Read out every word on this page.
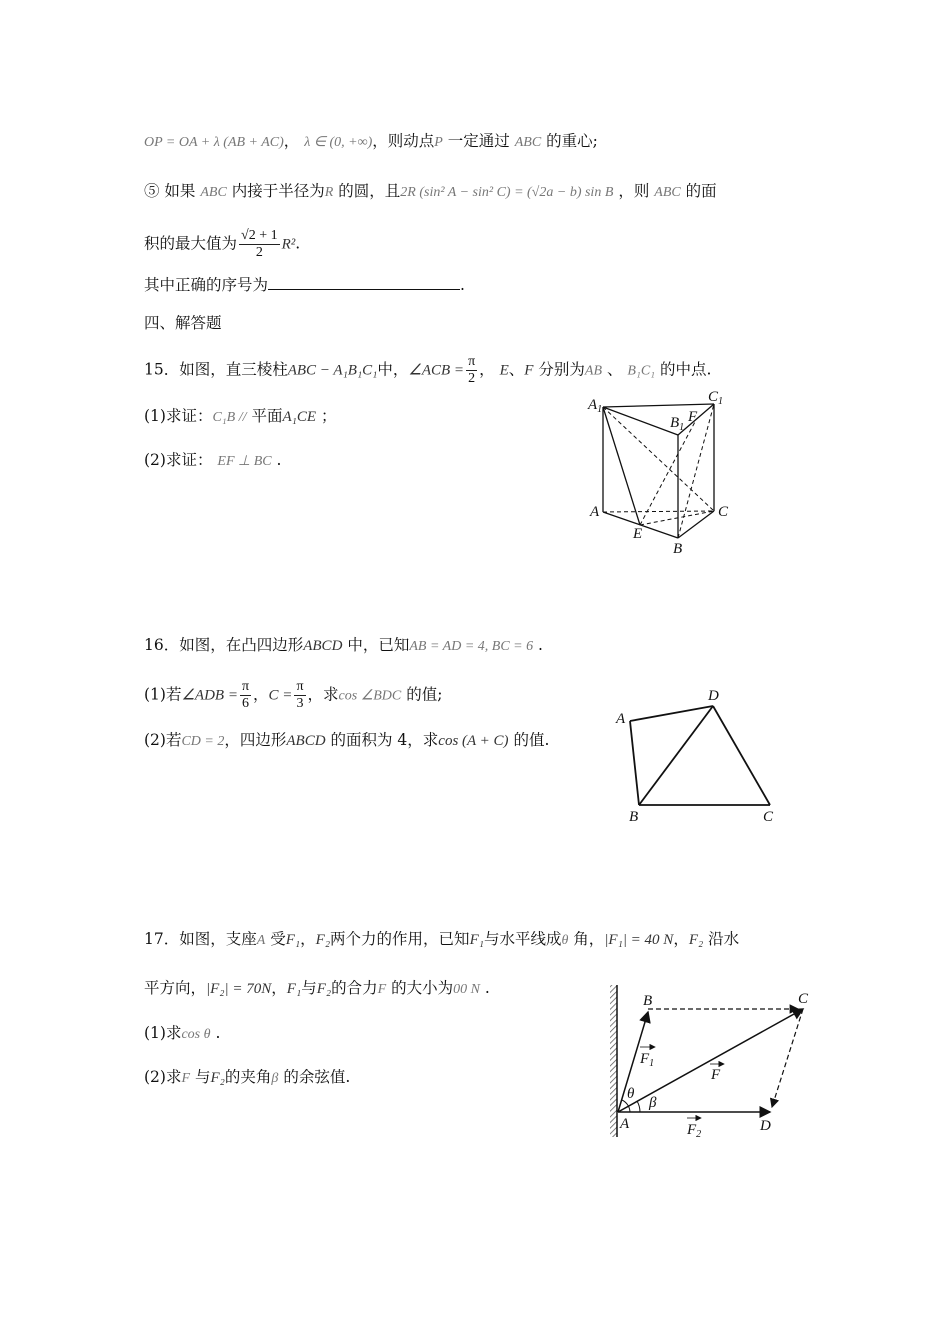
OP = OA + λ (AB + AC)， λ ∈ (0, +∞)，则动点P 一定通过 ABC 的重心;
⑤ 如果 ABC 内接于半径为R 的圆，且2R (sin² A − sin² C) = (√2a − b) sin B ，则 ABC 的面
积的最大值为 $\frac{√2 + 1}{2} R^2$.
其中正确的序号为	.
四、解答题
15．如图，直三棱柱ABC − A₁B₁C₁中，∠ACB = $\frac{\pi}{2}$ ， E、F 分别为AB 、 B₁C₁ 的中点.
(1)求证：C₁B // 平面A₁CE ；
(2)求证： EF ⊥ BC .
$A_1$
$C_1$
$B_1$
F
A	C
E
B
16．如图，在凸四边形ABCD 中，已知AB = AD = 4, BC = 6 .
(1)若∠ADB = $\frac{\pi}{6}$ ，$C = \frac{\pi}{3}$ ，求cos ∠BDC 的值;
(2)若CD = 2，四边形ABCD 的面积为 4，求cos (A + C) 的值.
A
D
B	C
17．如图，支座A 受F₁，F₂两个力的作用，已知F₁与水平线成θ 角，|F₁| = 40 N，F₂ 沿水
平方向，|F₂| = 70N，F₁与F₂的合力F 的大小为00 N .
(1)求cos θ .
(2)求F 与F₂的夹角β 的余弦值.
B	C
A	D
θ
β
$F_1$
F
$F_2$
